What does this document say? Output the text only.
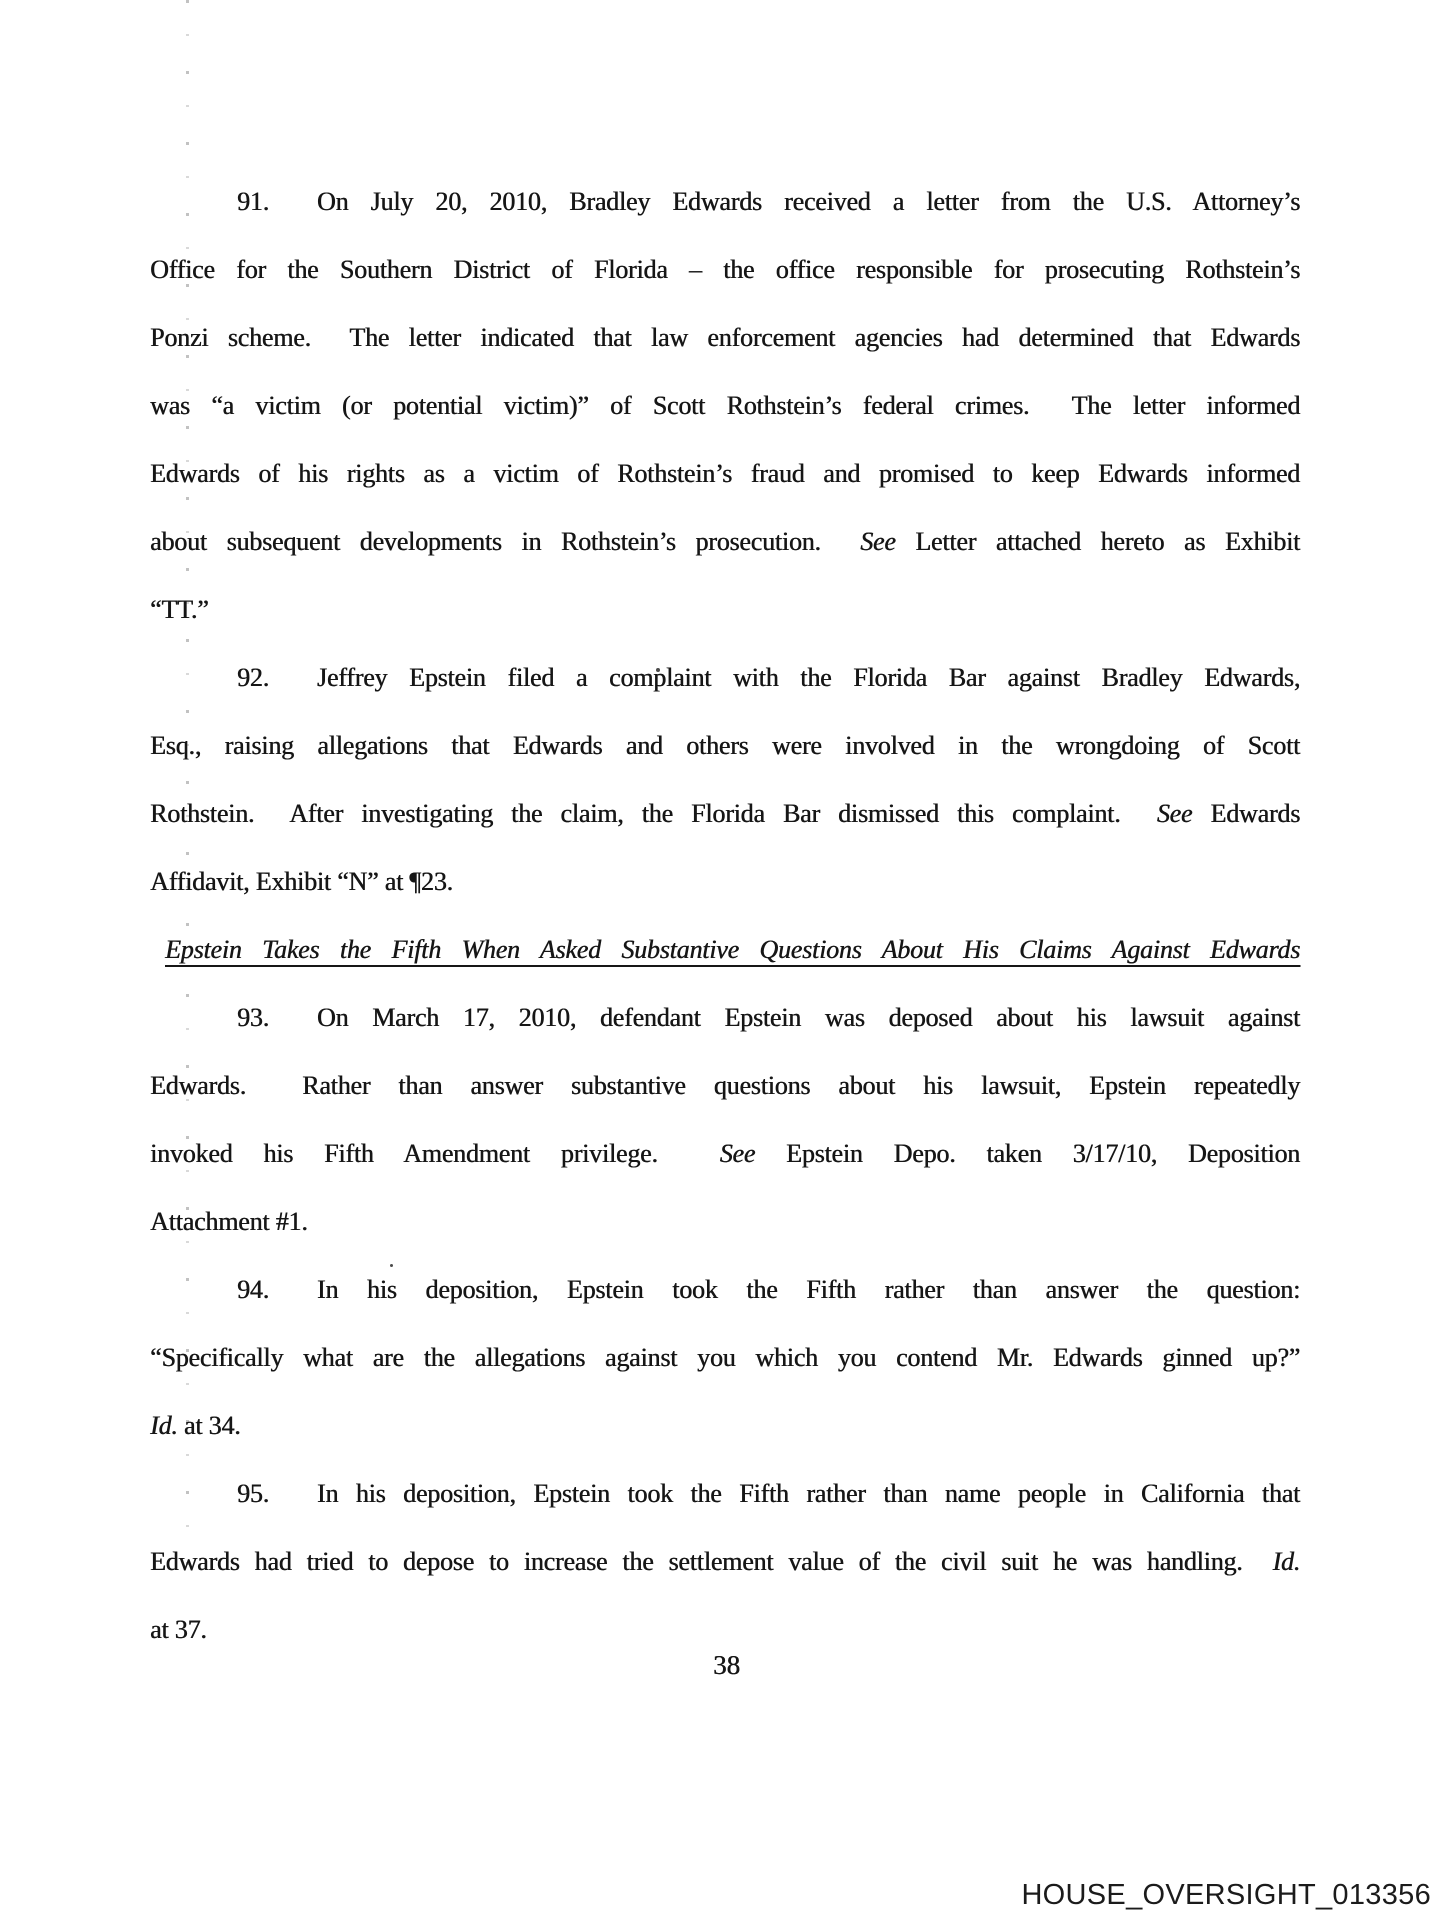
91. On July 20, 2010, Bradley Edwards received a letter from the U.S. Attorney’s
Office for the Southern District of Florida – the office responsible for prosecuting Rothstein’s
Ponzi scheme.  The letter indicated that law enforcement agencies had determined that Edwards
was “a victim (or potential victim)” of Scott Rothstein’s federal crimes.  The letter informed
Edwards of his rights as a victim of Rothstein’s fraud and promised to keep Edwards informed
about subsequent developments in Rothstein’s prosecution.  See Letter attached hereto as Exhibit
“TT.”
92. Jeffrey Epstein filed a complaint with the Florida Bar against Bradley Edwards,
Esq., raising allegations that Edwards and others were involved in the wrongdoing of Scott
Rothstein.  After investigating the claim, the Florida Bar dismissed this complaint.  See Edwards
Affidavit, Exhibit “N” at ¶23.
Epstein Takes the Fifth When Asked Substantive Questions About His Claims Against Edwards
93. On March 17, 2010, defendant Epstein was deposed about his lawsuit against
Edwards.  Rather than answer substantive questions about his lawsuit, Epstein repeatedly
invoked his Fifth Amendment privilege.  See Epstein Depo. taken 3/17/10, Deposition
Attachment #1.
94. In his deposition, Epstein took the Fifth rather than answer the question:
“Specifically what are the allegations against you which you contend Mr. Edwards ginned up?”
Id. at 34.
95. In his deposition, Epstein took the Fifth rather than name people in California that
Edwards had tried to depose to increase the settlement value of the civil suit he was handling.  Id.
at 37.
38
HOUSE_OVERSIGHT_013356
